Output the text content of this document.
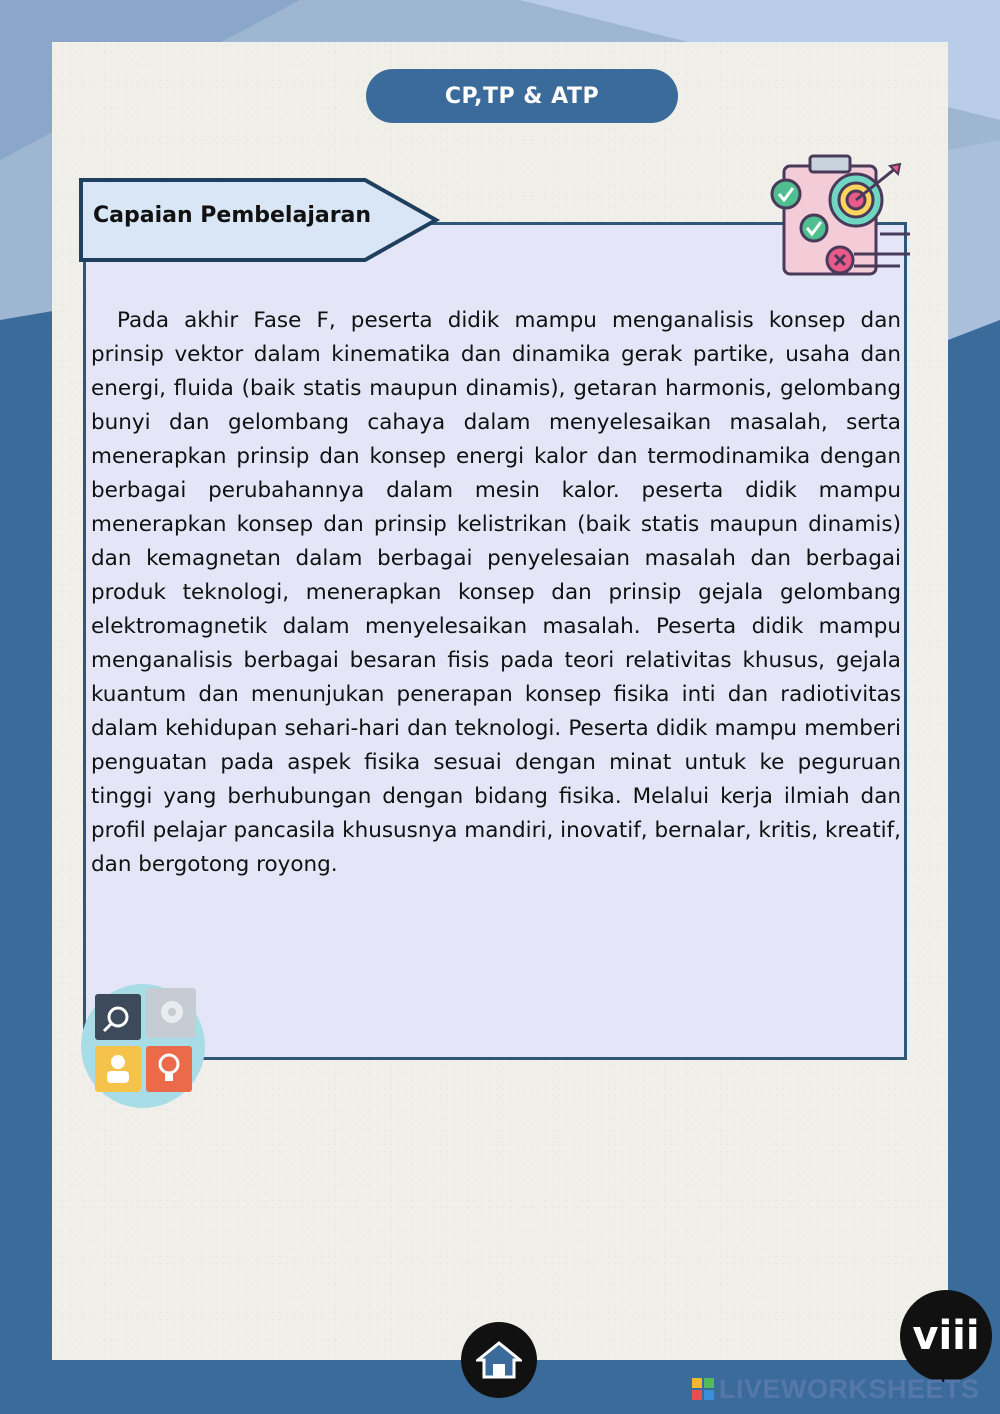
CP,TP & ATP
Capaian Pembelajaran

Pada akhir Fase F, peserta didik mampu menganalisis konsep dan prinsip vektor dalam kinematika dan dinamika gerak partike, usaha dan energi, fluida (baik statis maupun dinamis), getaran harmonis, gelombang bunyi dan gelombang cahaya dalam menyelesaikan masalah, serta menerapkan prinsip dan konsep energi kalor dan termodinamika dengan berbagai perubahannya dalam mesin kalor. peserta didik mampu menerapkan konsep dan prinsip kelistrikan (baik statis maupun dinamis) dan kemagnetan dalam berbagai penyelesaian masalah dan berbagai produk teknologi, menerapkan konsep dan prinsip gejala gelombang elektromagnetik dalam menyelesaikan masalah. Peserta didik mampu menganalisis berbagai besaran fisis pada teori relativitas khusus, gejala kuantum dan menunjukan penerapan konsep fisika inti dan radiotivitas dalam kehidupan sehari-hari dan teknologi. Peserta didik mampu memberi penguatan pada aspek fisika sesuai dengan minat untuk ke peguruan tinggi yang berhubungan dengan bidang fisika. Melalui kerja ilmiah dan profil pelajar pancasila khususnya mandiri, inovatif, bernalar, kritis, kreatif, dan bergotong royong.

viii
LIVEWORKSHEETS
